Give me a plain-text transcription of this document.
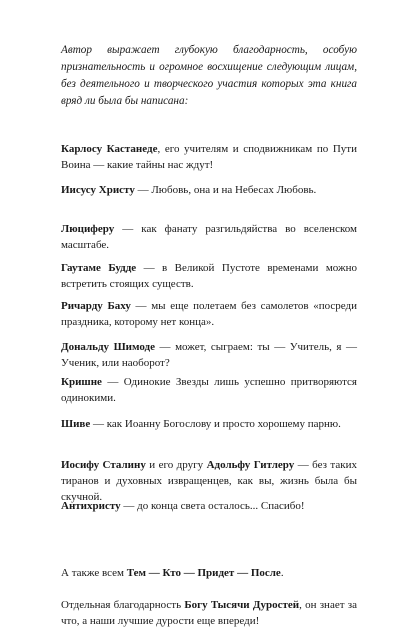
Автор выражает глубокую благодарность, особую признательность и огромное восхищение следующим лицам, без деятельного и творческого участия которых эта книга вряд ли была бы написана:

Карлосу Кастанеде, его учителям и сподвижникам по Пути Воина — какие тайны нас ждут!

Иисусу Христу — Любовь, она и на Небесах Любовь.

Люциферу — как фанату разгильдяйства во вселенском масштабе.

Гаутаме Будде — в Великой Пустоте временами можно встретить стоящих существ.

Ричарду Баху — мы еще полетаем без самолетов «посреди праздника, которому нет конца».

Дональду Шимоде — может, сыграем: ты — Учитель, я — Ученик, или наоборот?

Кришне — Одинокие Звезды лишь успешно притворяются одинокими.

Шиве — как Иоанну Богослову и просто хорошему парню.

Иосифу Сталину и его другу Адольфу Гитлеру — без таких тиранов и духовных извращенцев, как вы, жизнь была бы скучной.

Антихристу — до конца света осталось... Спасибо!

А также всем Тем — Кто — Придет — После.

Отдельная благодарность Богу Тысячи Дуростей, он знает за что, а наши лучшие дурости еще впереди!
